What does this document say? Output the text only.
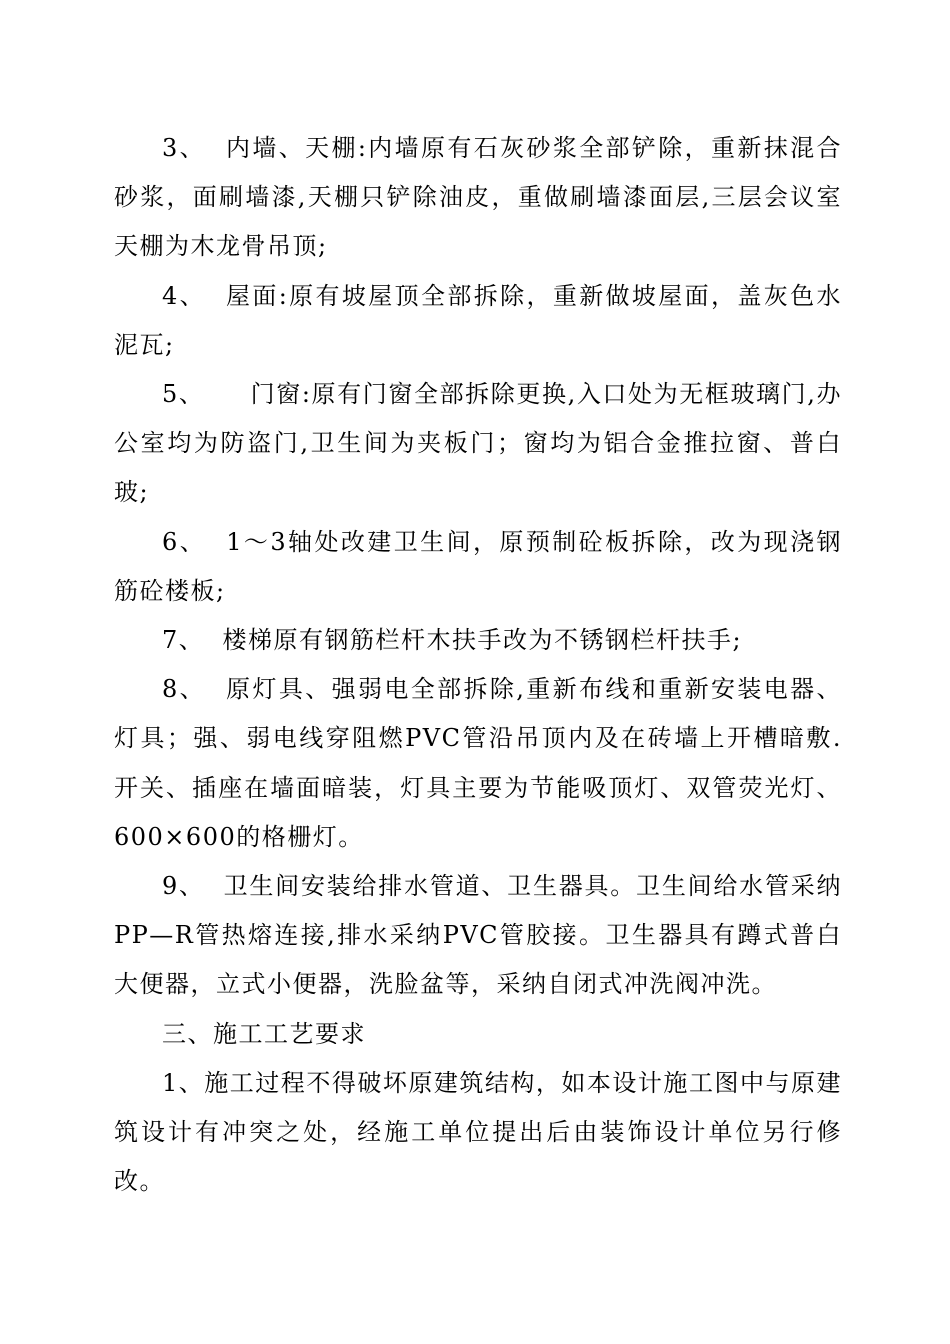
3、  内墙、天棚:内墙原有石灰砂浆全部铲除，重新抹混合砂浆，面刷墙漆,天棚只铲除油皮，重做刷墙漆面层,三层会议室天棚为木龙骨吊顶;

4、  屋面:原有坡屋顶全部拆除，重新做坡屋面，盖灰色水泥瓦;

5、     门窗:原有门窗全部拆除更换,入口处为无框玻璃门,办公室均为防盗门,卫生间为夹板门；窗均为铝合金推拉窗、普白玻;

6、  1～3轴处改建卫生间，原预制砼板拆除，改为现浇钢筋砼楼板;

7、  楼梯原有钢筋栏杆木扶手改为不锈钢栏杆扶手;

8、  原灯具、强弱电全部拆除,重新布线和重新安装电器、灯具；强、弱电线穿阻燃PVC管沿吊顶内及在砖墙上开槽暗敷.开关、插座在墙面暗装，灯具主要为节能吸顶灯、双管荧光灯、600×600的格栅灯。

9、  卫生间安装给排水管道、卫生器具。卫生间给水管采纳PP—R管热熔连接,排水采纳PVC管胶接。卫生器具有蹲式普白大便器，立式小便器，洗脸盆等，采纳自闭式冲洗阀冲洗。

三、施工工艺要求

1、施工过程不得破坏原建筑结构，如本设计施工图中与原建筑设计有冲突之处，经施工单位提出后由装饰设计单位另行修改。
